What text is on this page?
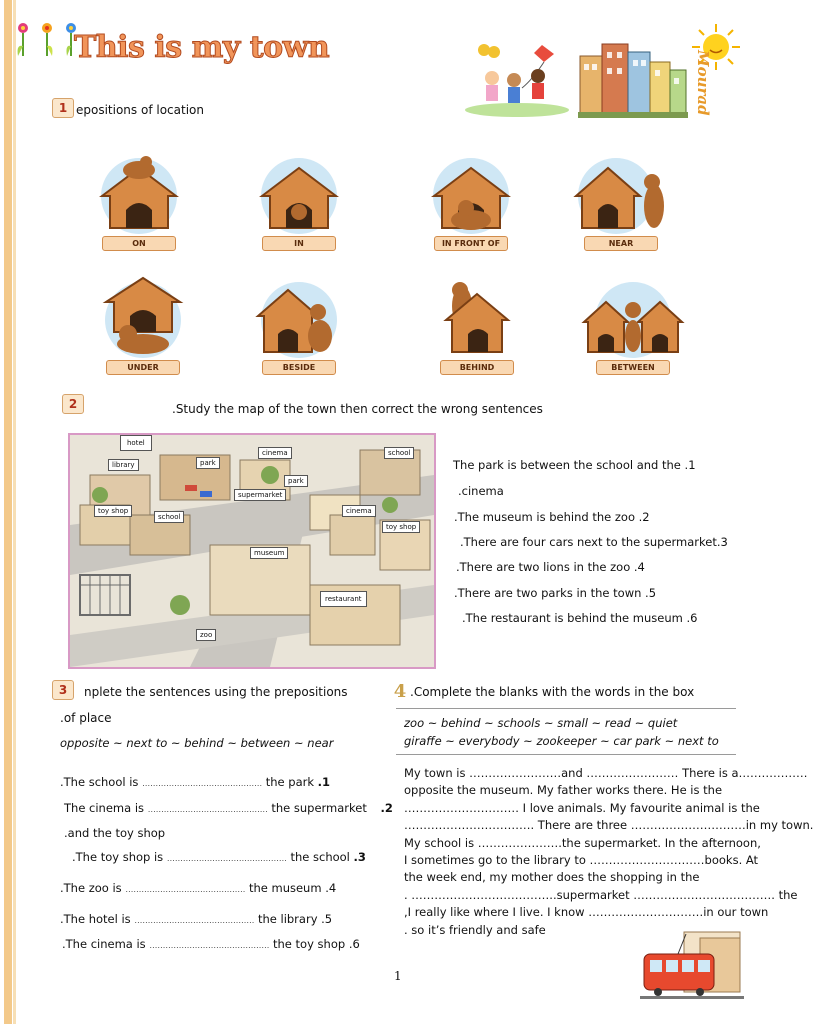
This is my town
Mourad
1 epositions of location
ON	IN	IN FRONT OF	NEAR
UNDER	BESIDE	BEHIND	BETWEEN
2	.Study the map of the town then correct the wrong sentences
hotel
library	park
cinema	school
park
supermarket
toy shop
school
cinema
toy shop
museum
restaurant
zoo
The park is between the school and the .1
.cinema
.The museum is behind the zoo .2
.There are four cars next to the supermarket.3
.There are two lions in the zoo .4
.There are two parks in the town .5
.The restaurant is behind the museum .6
3	nplete the sentences using the prepositions
.of place
opposite ~ next to ~ behind ~ between ~ near
.The school is ……………………………………… the park .1
The cinema is ……………………………………… the supermarket .2
.and the toy shop
.The toy shop is ……………………………………… the school .3
.The zoo is ……………………………………… the museum .4
.The hotel is ……………………………………… the library .5
.The cinema is ……………………………………… the toy shop .6
4 .Complete the blanks with the words in the box
zoo ~ behind ~ schools ~ small ~ read ~ quiet
giraffe ~ everybody ~ zookeeper ~ car park ~ next to
My town is ……………………and …………………… There is a………………
opposite the museum. My father works there. He is the
………………………… I love animals. My favourite animal is the
……………………………. There are three …………………………in my town.
My school is ………………….the supermarket. In the afternoon,
I sometimes go to the library to …………………………books. At
the week end, my mother does the shopping in the
. ………………………………..supermarket ………………………………. the
,I really like where I live. I know …………………………in our town
. so it’s friendly and safe
1
